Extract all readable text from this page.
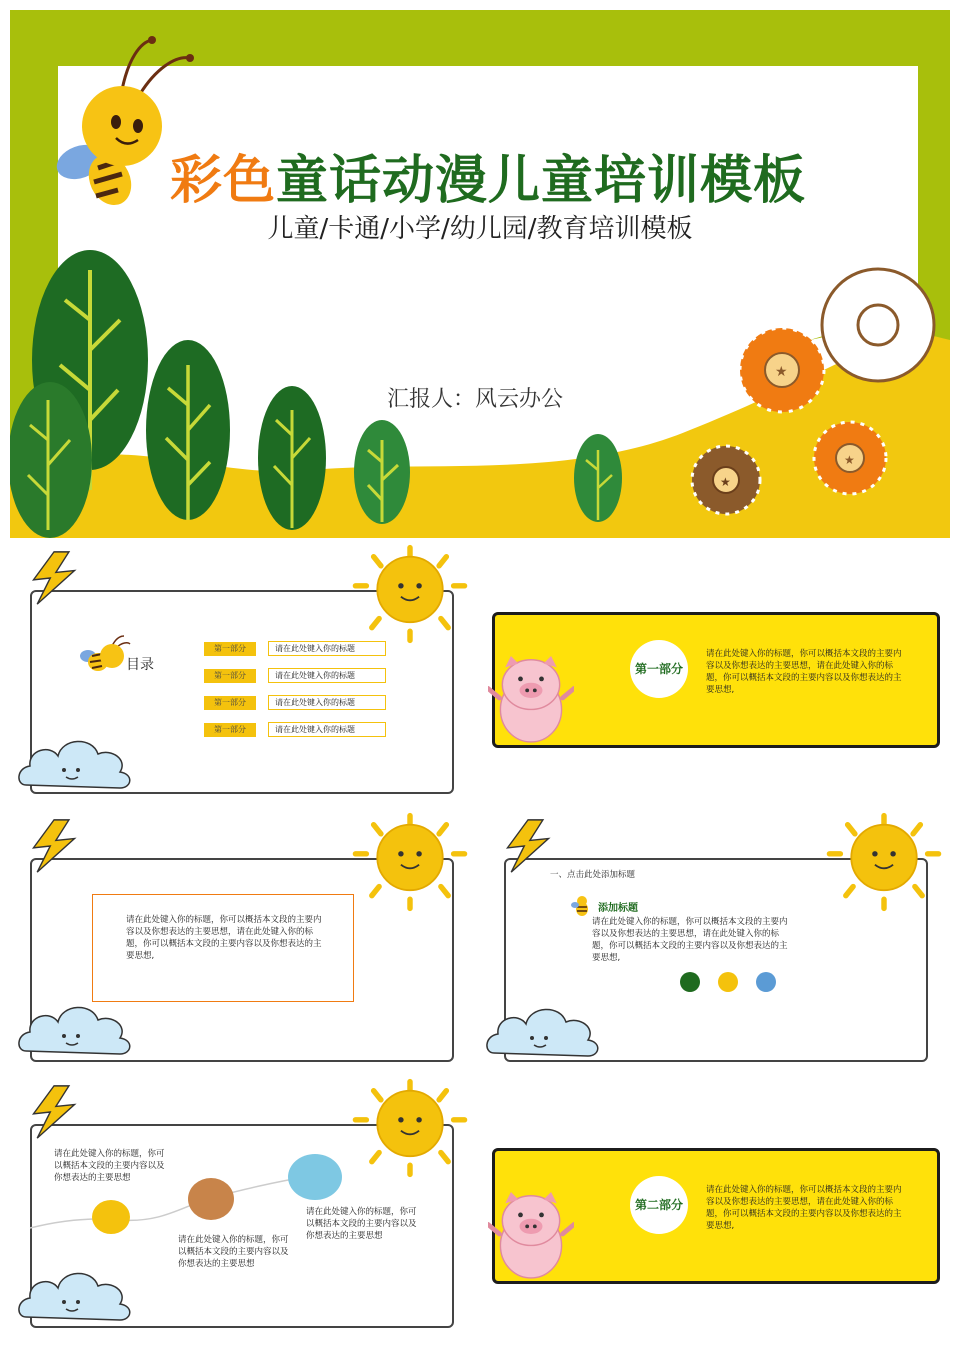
★
★
★
彩色童话动漫儿童培训模板
儿童/卡通/小学/幼儿园/教育培训模板
汇报人：风云办公
目录
第一部分	请在此处键入你的标题
第一部分	请在此处键入你的标题
第一部分	请在此处键入你的标题
第一部分	请在此处键入你的标题
第一部分
请在此处键入你的标题，你可以概括本文段的主要内容以及你想表达的主要思想，请在此处键入你的标题，你可以概括本文段的主要内容以及你想表达的主要思想,
请在此处键入你的标题，你可以概括本文段的主要内容以及你想表达的主要思想，请在此处键入你的标题，你可以概括本文段的主要内容以及你想表达的主要思想,
一、点击此处添加标题
添加标题
请在此处键入你的标题，你可以概括本文段的主要内容以及你想表达的主要思想，请在此处键入你的标题，你可以概括本文段的主要内容以及你想表达的主要思想,
请在此处键入你的标题，你可以概括本文段的主要内容以及你想表达的主要思想
请在此处键入你的标题，你可以概括本文段的主要内容以及你想表达的主要思想
请在此处键入你的标题，你可以概括本文段的主要内容以及你想表达的主要思想
第二部分
请在此处键入你的标题，你可以概括本文段的主要内容以及你想表达的主要思想，请在此处键入你的标题，你可以概括本文段的主要内容以及你想表达的主要思想,
